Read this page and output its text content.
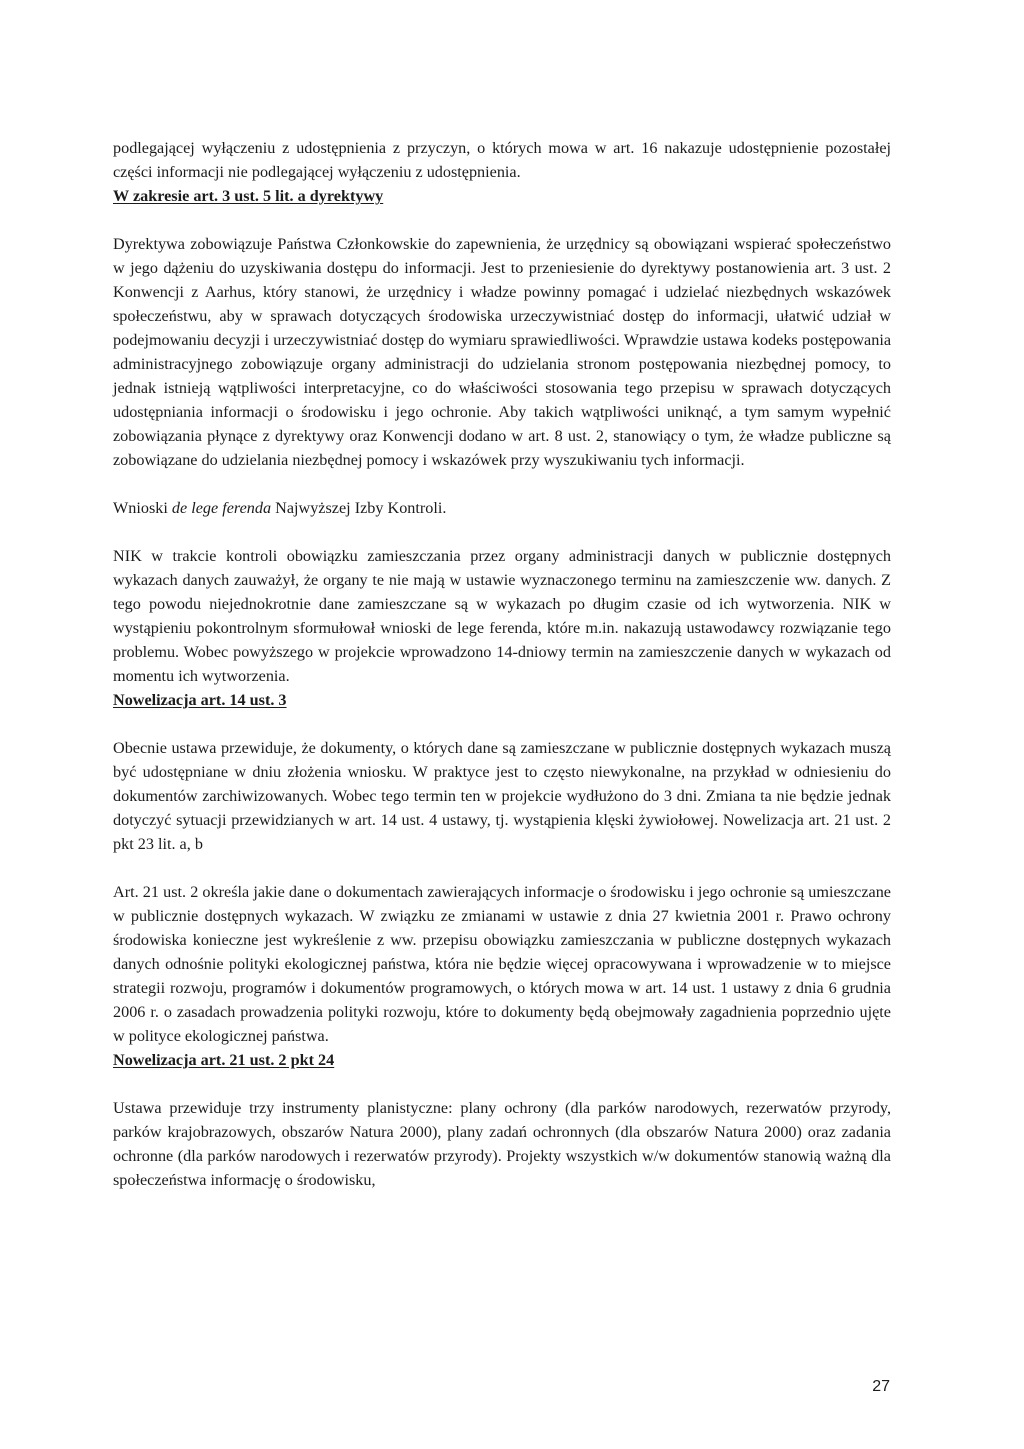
podlegającej wyłączeniu z udostępnienia z przyczyn, o których mowa w art. 16 nakazuje udostępnienie pozostałej części informacji nie podlegającej wyłączeniu z udostępnienia.

W zakresie art. 3 ust. 5 lit. a dyrektywy

Dyrektywa zobowiązuje Państwa Członkowskie do zapewnienia, że urzędnicy są obowiązani wspierać społeczeństwo w jego dążeniu do uzyskiwania dostępu do informacji. Jest to przeniesienie do dyrektywy postanowienia art. 3 ust. 2 Konwencji z Aarhus, który stanowi, że urzędnicy i władze powinny pomagać i udzielać niezbędnych wskazówek społeczeństwu, aby w sprawach dotyczących środowiska urzeczywistniać dostęp do informacji, ułatwić udział w podejmowaniu decyzji i urzeczywistniać dostęp do wymiaru sprawiedliwości. Wprawdzie ustawa kodeks postępowania administracyjnego zobowiązuje organy administracji do udzielania stronom postępowania niezbędnej pomocy, to jednak istnieją wątpliwości interpretacyjne, co do właściwości stosowania tego przepisu w sprawach dotyczących udostępniania informacji o środowisku i jego ochronie. Aby takich wątpliwości uniknąć, a tym samym wypełnić zobowiązania płynące z dyrektywy oraz Konwencji dodano w art. 8 ust. 2, stanowiący o tym, że władze publiczne są zobowiązane do udzielania niezbędnej pomocy i wskazówek przy wyszukiwaniu tych informacji.

Wnioski de lege ferenda Najwyższej Izby Kontroli.

NIK w trakcie kontroli obowiązku zamieszczania przez organy administracji danych w publicznie dostępnych wykazach danych zauważył, że organy te nie mają w ustawie wyznaczonego terminu na zamieszczenie ww. danych. Z tego powodu niejednokrotnie dane zamieszczane są w wykazach po długim czasie od ich wytworzenia. NIK w wystąpieniu pokontrolnym sformułował wnioski de lege ferenda, które m.in. nakazują ustawodawcy rozwiązanie tego problemu. Wobec powyższego w projekcie wprowadzono 14-dniowy termin na zamieszczenie danych w wykazach od momentu ich wytworzenia.

Nowelizacja art. 14 ust. 3

Obecnie ustawa przewiduje, że dokumenty, o których dane są zamieszczane w publicznie dostępnych wykazach muszą być udostępniane w dniu złożenia wniosku. W praktyce jest to często niewykonalne, na przykład w odniesieniu do dokumentów zarchiwizowanych. Wobec tego termin ten w projekcie wydłużono do 3 dni. Zmiana ta nie będzie jednak dotyczyć sytuacji przewidzianych w art. 14 ust. 4 ustawy, tj. wystąpienia klęski żywiołowej. Nowelizacja art. 21 ust. 2 pkt 23 lit. a, b

Art. 21 ust. 2 określa jakie dane o dokumentach zawierających informacje o środowisku i jego ochronie są umieszczane w publicznie dostępnych wykazach. W związku ze zmianami w ustawie z dnia 27 kwietnia 2001 r. Prawo ochrony środowiska konieczne jest wykreślenie z ww. przepisu obowiązku zamieszczania w publiczne dostępnych wykazach danych odnośnie polityki ekologicznej państwa, która nie będzie więcej opracowywana i wprowadzenie w to miejsce strategii rozwoju, programów i dokumentów programowych, o których mowa w art. 14 ust. 1 ustawy z dnia 6 grudnia 2006 r. o zasadach prowadzenia polityki rozwoju, które to dokumenty będą obejmowały zagadnienia poprzednio ujęte w polityce ekologicznej państwa.

Nowelizacja art. 21 ust. 2 pkt 24

Ustawa przewiduje trzy instrumenty planistyczne: plany ochrony (dla parków narodowych, rezerwatów przyrody, parków krajobrazowych, obszarów Natura 2000), plany zadań ochronnych (dla obszarów Natura 2000) oraz zadania ochronne (dla parków narodowych i rezerwatów przyrody). Projekty wszystkich w/w dokumentów stanowią ważną dla społeczeństwa informację o środowisku,

27
